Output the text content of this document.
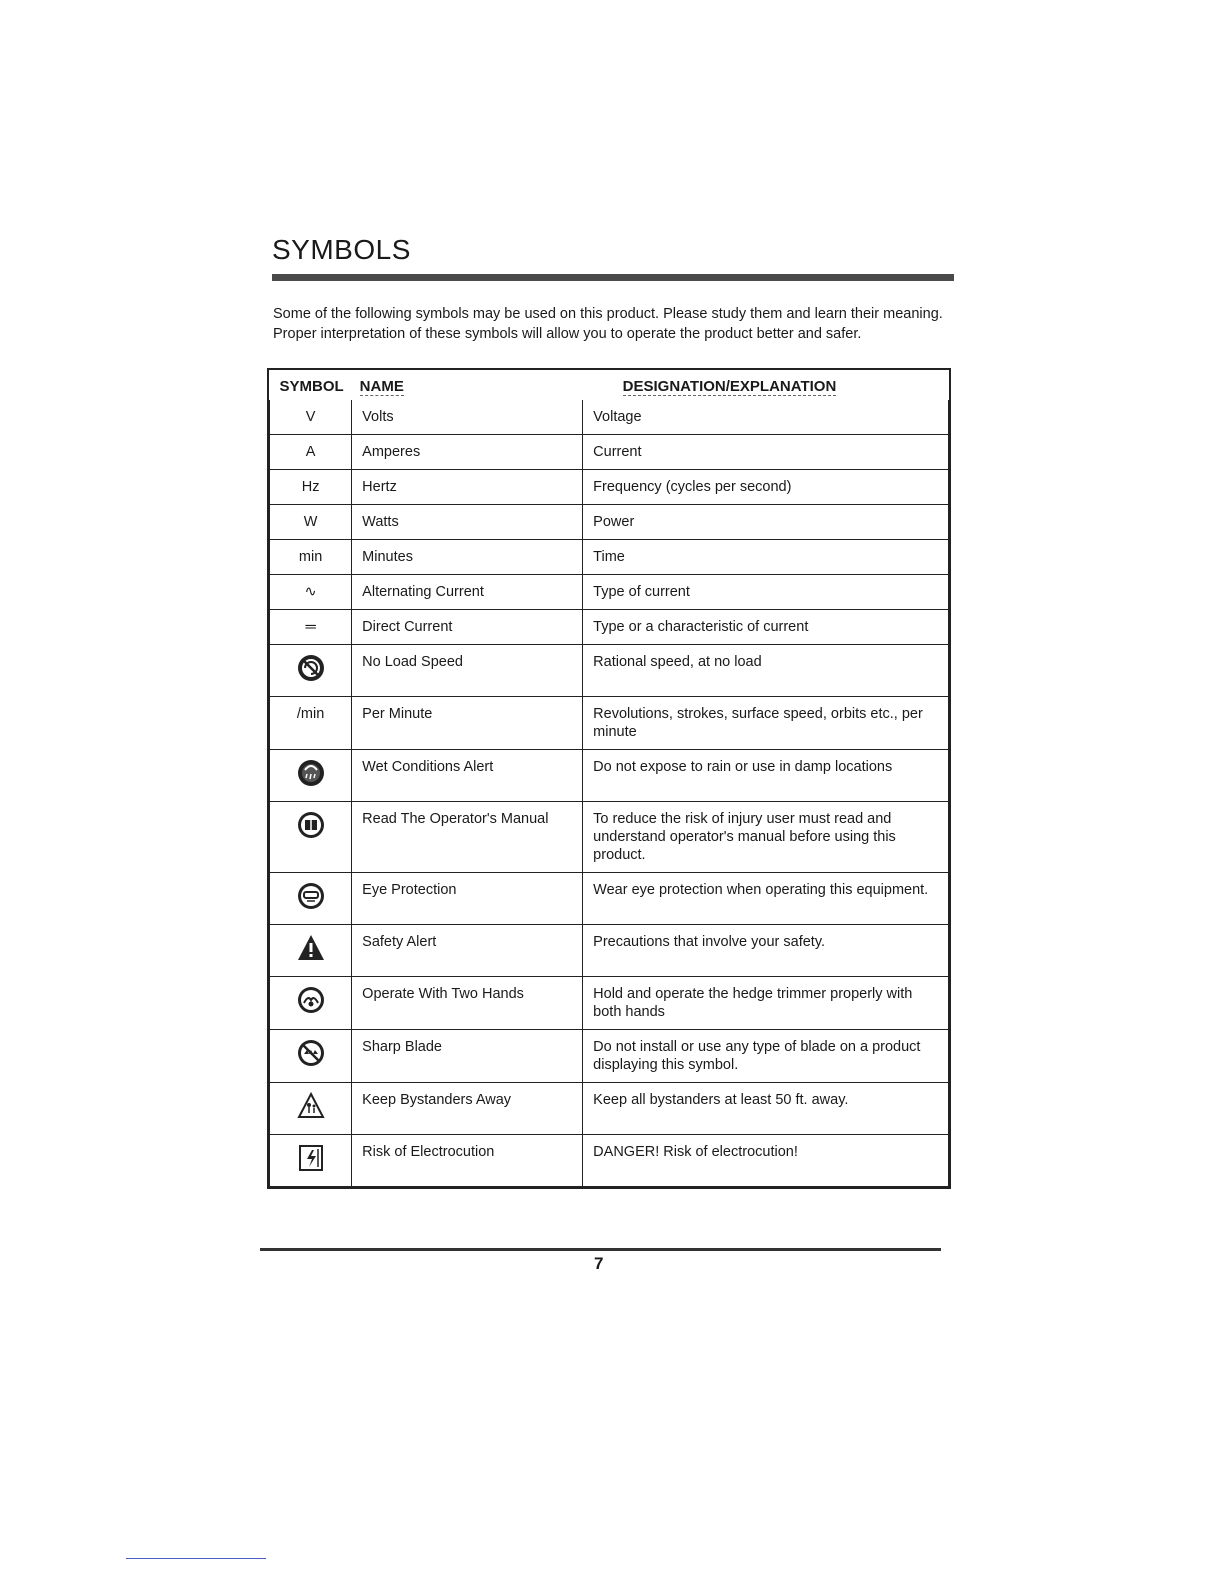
SYMBOLS
Some of the following symbols may be used on this product. Please study them and learn their meaning. Proper interpretation of these symbols will allow you to operate the product better and safer.
SYMBOL	NAME	DESIGNATION/EXPLANATION
V	Volts	Voltage
A	Amperes	Current
Hz	Hertz	Frequency (cycles per second)
W	Watts	Power
min	Minutes	Time
∿	Alternating Current	Type of current
═	Direct Current	Type or a characteristic of current
	No Load Speed	Rational speed, at no load
/min	Per Minute	Revolutions, strokes, surface speed, orbits etc., per minute
	Wet Conditions Alert	Do not expose to rain or use in damp locations
	Read The Operator's Manual	To reduce the risk of injury user must read and understand operator's manual before using this product.
	Eye Protection	Wear eye protection when operating this equipment.
	Safety Alert	Precautions that involve your safety.
	Operate With Two Hands	Hold and operate the hedge trimmer properly with both hands
	Sharp Blade	Do not install or use any type of blade on a product displaying this symbol.
	Keep Bystanders Away	Keep all bystanders at least 50 ft. away.
	Risk of Electrocution	DANGER! Risk of electrocution!
7
